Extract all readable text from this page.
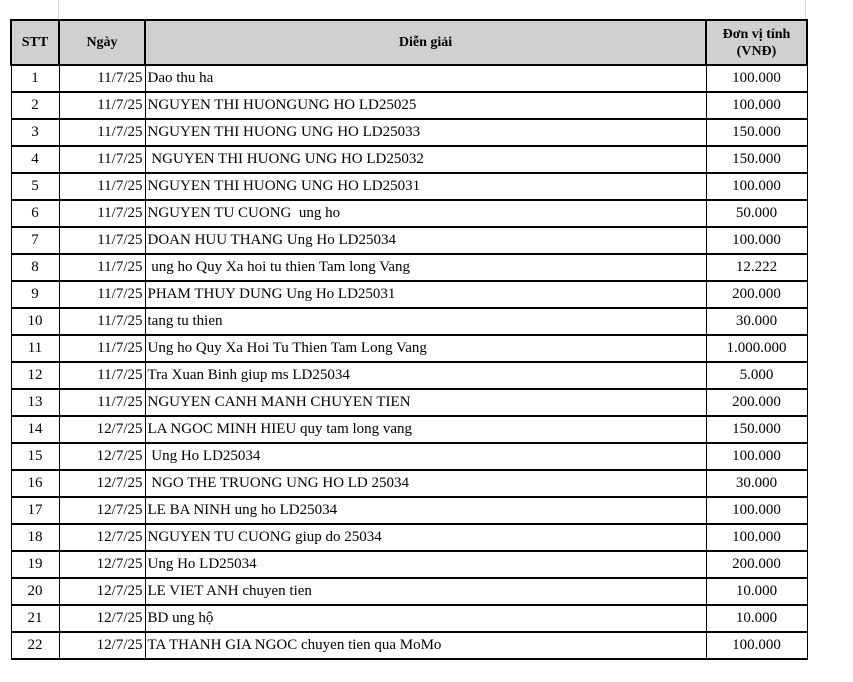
STT	Ngày	Diễn giải	Đơn vị tính
(VNĐ)
1	11/7/25	Dao thu ha	100.000
2	11/7/25	NGUYEN THI HUONGUNG HO LD25025	100.000
3	11/7/25	NGUYEN THI HUONG UNG HO LD25033	150.000
4	11/7/25	NGUYEN THI HUONG UNG HO LD25032	150.000
5	11/7/25	NGUYEN THI HUONG UNG HO LD25031	100.000
6	11/7/25	NGUYEN TU CUONG  ung ho	50.000
7	11/7/25	DOAN HUU THANG Ung Ho LD25034	100.000
8	11/7/25	ung ho Quy Xa hoi tu thien Tam long Vang	12.222
9	11/7/25	PHAM THUY DUNG Ung Ho LD25031	200.000
10	11/7/25	tang tu thien	30.000
11	11/7/25	Ung ho Quy Xa Hoi Tu Thien Tam Long Vang	1.000.000
12	11/7/25	Tra Xuan Binh giup ms LD25034	5.000
13	11/7/25	NGUYEN CANH MANH CHUYEN TIEN	200.000
14	12/7/25	LA NGOC MINH HIEU quy tam long vang	150.000
15	12/7/25	Ung Ho LD25034	100.000
16	12/7/25	NGO THE TRUONG UNG HO LD 25034	30.000
17	12/7/25	LE BA NINH ung ho LD25034	100.000
18	12/7/25	NGUYEN TU CUONG giup do 25034	100.000
19	12/7/25	Ung Ho LD25034	200.000
20	12/7/25	LE VIET ANH chuyen tien	10.000
21	12/7/25	BD ung hộ	10.000
22	12/7/25	TA THANH GIA NGOC chuyen tien qua MoMo	100.000
